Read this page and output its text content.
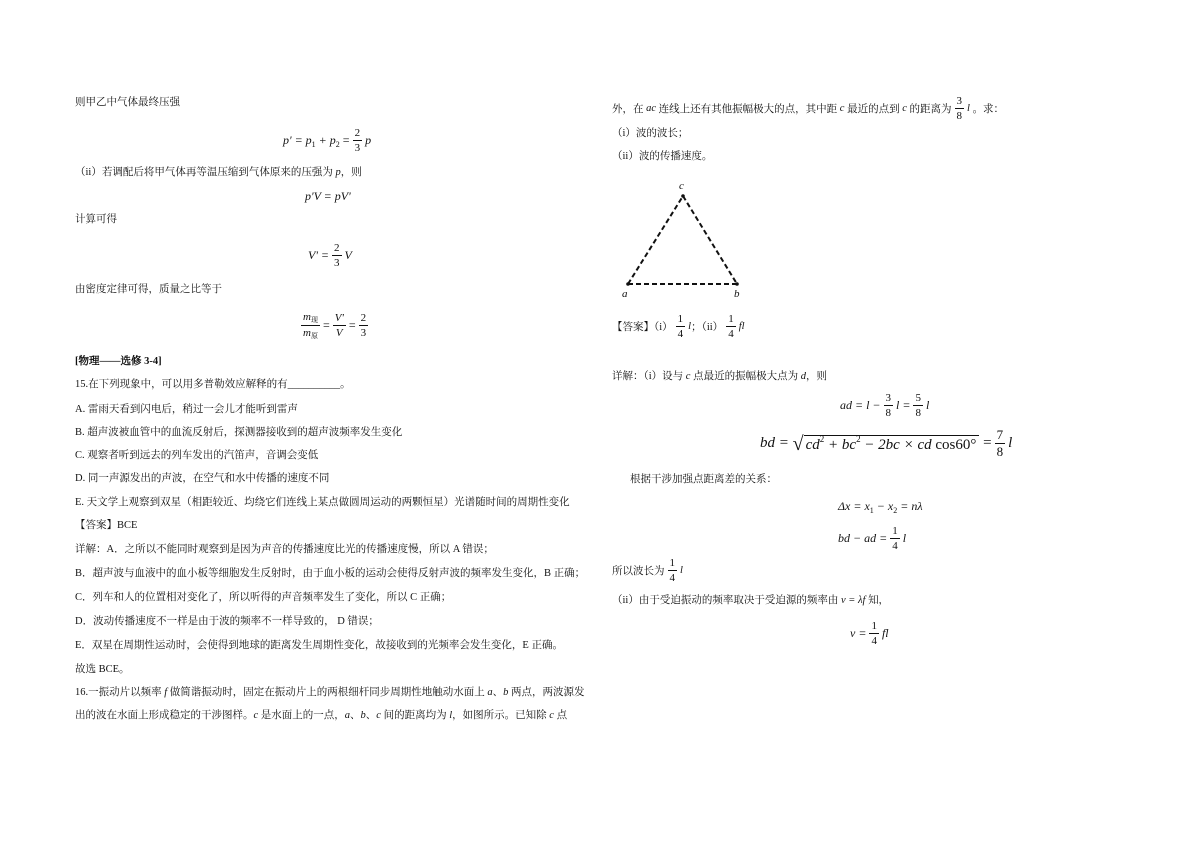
则甲乙中气体最终压强
p' = p 1 + p $2 = \frac{2}{3}$ p
（ii）若调配后将甲气体再等温压缩到气体原来的压强为 p，则
p'V = pV'
计算可得
$V' = \frac{2}{3}$ V
由密度定律可得，质量之比等于
$\frac{\text{m 现}}{\text{m 原}} = \frac{V'}{V} = \frac{2}{3}$
[物理——选修 3-4]
15.在下列现象中，可以用多普勒效应解释的有__________。
A. 雷雨天看到闪电后，稍过一会儿才能听到雷声
B. 超声波被血管中的血流反射后，探测器接收到的超声波频率发生变化
C. 观察者听到远去的列车发出的汽笛声，音调会变低
D. 同一声源发出的声波，在空气和水中传播的速度不同
E. 天文学上观察到双星（相距较近、均绕它们连线上某点做圆周运动的两颗恒星）光谱随时间的周期性变化
【答案】BCE
详解：A．之所以不能同时观察到是因为声音的传播速度比光的传播速度慢，所以 A 错误；
B．超声波与血液中的血小板等细胞发生反射时，由于血小板的运动会使得反射声波的频率发生变化，B 正确；
C．列车和人的位置相对变化了，所以听得的声音频率发生了变化，所以 C 正确；
D．波动传播速度不一样是由于波的频率不一样导致的， D 错误；
E．双星在周期性运动时，会使得到地球的距离发生周期性变化，故接收到的光频率会发生变化，E 正确。
故选 BCE。
16.一振动片以频率 f 做简谐振动时，固定在振动片上的两根细杆同步周期性地触动水面上 a、b 两点，两波源发
出的波在水面上形成稳定的干涉图样。c 是水面上的一点，a、b、c 间的距离均为 l，如图所示。已知除 c 点
外，在 ac 连线上还有其他振幅极大的点，其中距 c 最近的点到 c 的距离为 $\frac{3}{8}$ l 。求：
（i）波的波长；
（ii）波的传播速度。
c
a	b
【答案】$(i) \frac{1}{4}$ l ；$(ii) \frac{1}{4}$ fl
详解：（i）设与 c 点最近的振幅极大点为 d，则
ad = $l - \frac{3}{8}$ $l = \frac{5}{8}$ l
bd = √ cd 2 + bc 2 − 2bc × cd $\cos 60^\circ = \frac{7}{8}$ l
根据干涉加强点距离差的关系：
Δx = x 1 − x 2 = nλ
bd − ad = $\frac{1}{4}$ l
所以波长为 $\frac{1}{4}$ l
（ii）由于受迫振动的频率取决于受迫源的频率由 v = λf 知，
$v = \frac{1}{4}$ fl
